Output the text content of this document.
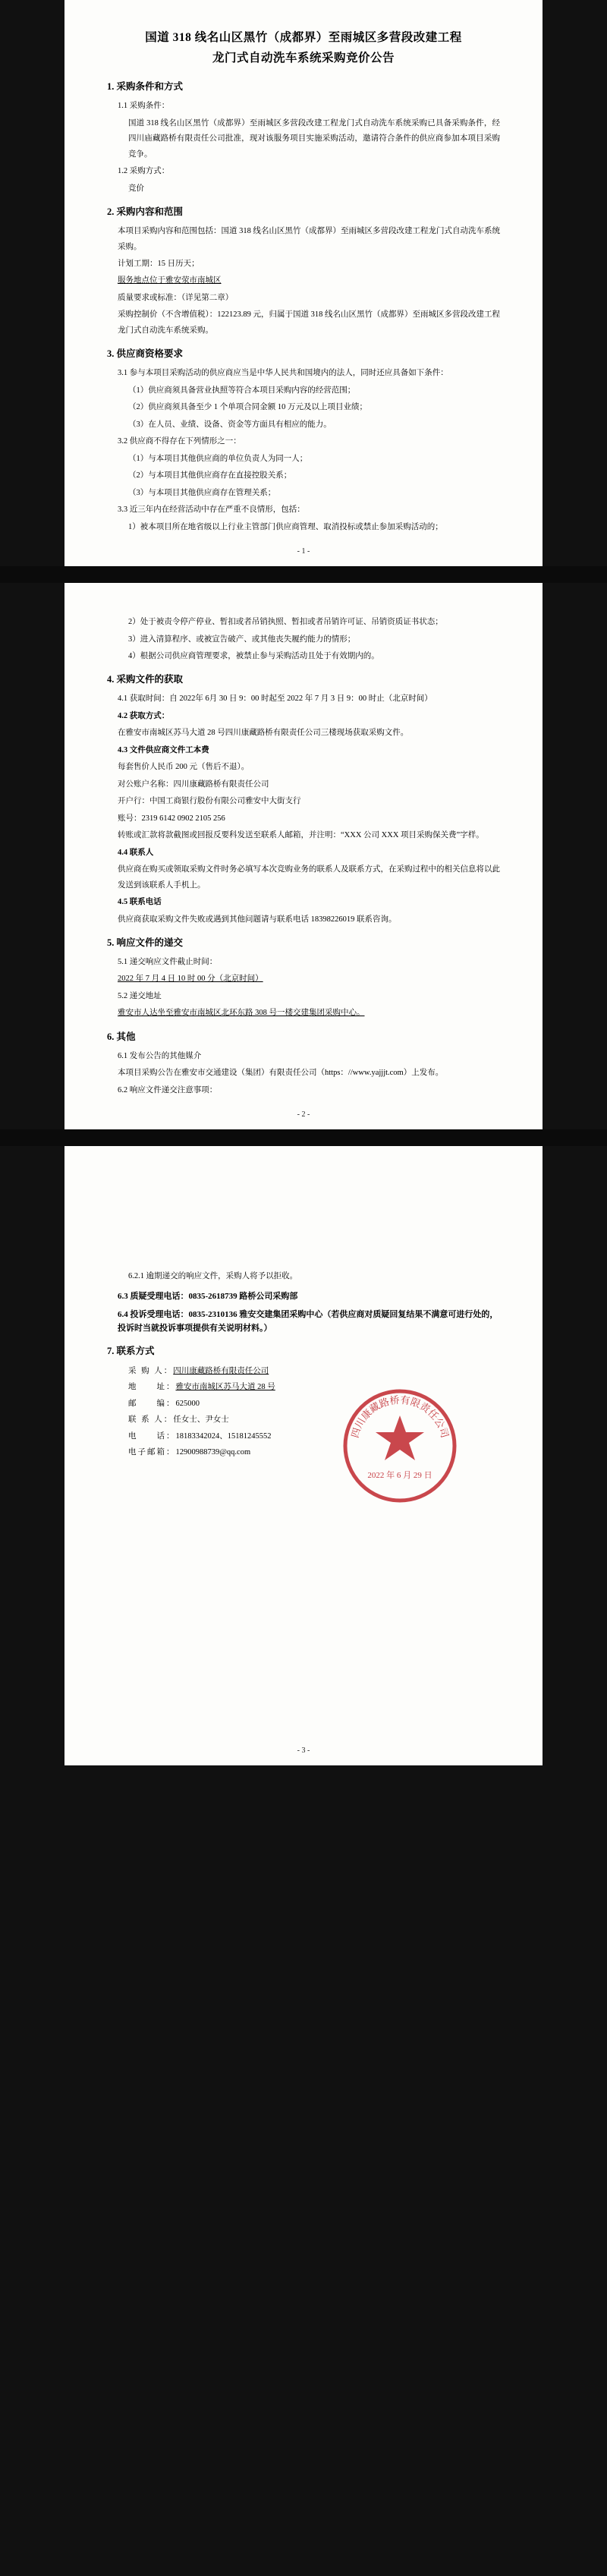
国道 318 线名山区黑竹（成都界）至雨城区多营段改建工程
龙门式自动洗车系统采购竞价公告
1. 采购条件和方式
1.1 采购条件：
国道 318 线名山区黑竹（成都界）至雨城区多营段改建工程龙门式自动洗车系统采购已具备采购条件，经四川庙藏路桥有限责任公司批准，现对该服务项目实施采购活动，邀请符合条件的供应商参加本项目采购竞争。
1.2 采购方式：
竞价
2. 采购内容和范围
本项目采购内容和范围包括：国道 318 线名山区黑竹（成都界）至雨城区多营段改建工程龙门式自动洗车系统采购。
计划工期：15 日历天；
服务地点位于雅安荥市南城区
质量要求或标准：（详见第二章）
采购控制价（不含增值税）：122123.89 元，归属于国道 318 线名山区黑竹（成都界）至雨城区多营段改建工程龙门式自动洗车系统采购。
3. 供应商资格要求
3.1 参与本项目采购活动的供应商应当是中华人民共和国境内的法人，同时还应具备如下条件：
（1）供应商须具备营业执照等符合本项目采购内容的经营范围；
（2）供应商须具备至少 1 个单项合同金额 10 万元及以上项目业绩；
（3）在人员、业绩、设备、资金等方面具有相应的能力。
3.2 供应商不得存在下列情形之一：
（1）与本项目其他供应商的单位负责人为同一人；
（2）与本项目其他供应商存在直接控股关系；
（3）与本项目其他供应商存在管理关系；
3.3 近三年内在经营活动中存在严重不良情形，包括：
1）被本项目所在地省级以上行业主管部门供应商管理、取消投标或禁止参加采购活动的；
- 1 -
2）处于被责令停产停业、暂扣或者吊销执照、暂扣或者吊销许可证、吊销资质证书状态；
3）进入清算程序、或被宣告破产、或其他丧失履约能力的情形；
4）根据公司供应商管理要求，被禁止参与采购活动且处于有效期内的。
4. 采购文件的获取
4.1 获取时间：自 2022年 6月 30 日 9：00 时起至 2022 年 7 月 3 日 9：00 时止（北京时间）
4.2 获取方式：
在雅安市南城区苏马大道 28 号四川康藏路桥有限责任公司三楼现场获取采购文件。
4.3 文件供应商文件工本费
每套售价人民币 200 元（售后不退）。
对公账户名称：四川康藏路桥有限责任公司
开户行：中国工商银行股份有限公司雅安中大街支行
账号：2319 6142 0902 2105 256
转账或汇款将款截图或回报反要科发送至联系人邮箱，并注明：“XXX 公司 XXX 项目采购保关费”字样。
4.4 联系人
供应商在购买或领取采购文件时务必填写本次竞购业务的联系人及联系方式，在采购过程中的相关信息将以此发送到该联系人手机上。
4.5 联系电话
供应商获取采购文件失败或遇到其他问题请与联系电话 18398226019 联系咨询。
5. 响应文件的递交
5.1 递交响应文件截止时间：
2022 年 7 月 4 日 10 时 00 分（北京时间）
5.2 递交地址
雅安市人达坐至雅安市南城区北环东路 308 号一楼交建集团采购中心。
6. 其他
6.1 发布公告的其他媒介
本项目采购公告在雅安市交通建设（集团）有限责任公司（https：//www.yajjjt.com）上发布。
6.2 响应文件递交注意事项：
- 2 -
6.2.1 逾期递交的响应文件，采购人将予以拒收。
6.3 质疑受理电话：0835-2618739 路桥公司采购部
6.4 投诉受理电话：0835-2310136 雅安交建集团采购中心（若供应商对质疑回复结果不满意可进行处的，投诉时当就投诉事项提供有关说明材料。）
7. 联系方式
采 购 人：四川康藏路桥有限责任公司
地　　址：雅安市南城区苏马大道 28 号
邮　　编：625000
联 系 人：任女士、尹女士
电　　话：18183342024、15181245552
电子邮箱：12900988739@qq.com
四川康藏路桥有限责任公司
2022 年 6 月 29 日
- 3 -
